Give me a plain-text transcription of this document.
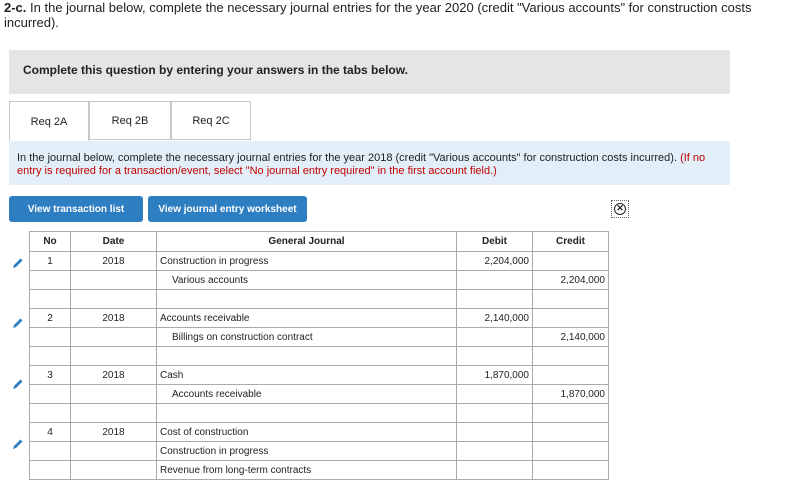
2-c. In the journal below, complete the necessary journal entries for the year 2020 (credit "Various accounts" for construction costs incurred).
Complete this question by entering your answers in the tabs below.
Req 2A	Req 2B	Req 2C
In the journal below, complete the necessary journal entries for the year 2018 (credit "Various accounts" for construction costs incurred). (If no entry is required for a transaction/event, select "No journal entry required" in the first account field.)
View transaction list	View journal entry worksheet	✕
No	Date	General Journal	Debit	Credit
1	2018	Construction in progress	2,204,000	
		Various accounts		2,204,000

2	2018	Accounts receivable	2,140,000	
		Billings on construction contract		2,140,000

3	2018	Cash	1,870,000	
		Accounts receivable		1,870,000

4	2018	Cost of construction		
		Construction in progress		
		Revenue from long-term contracts		
